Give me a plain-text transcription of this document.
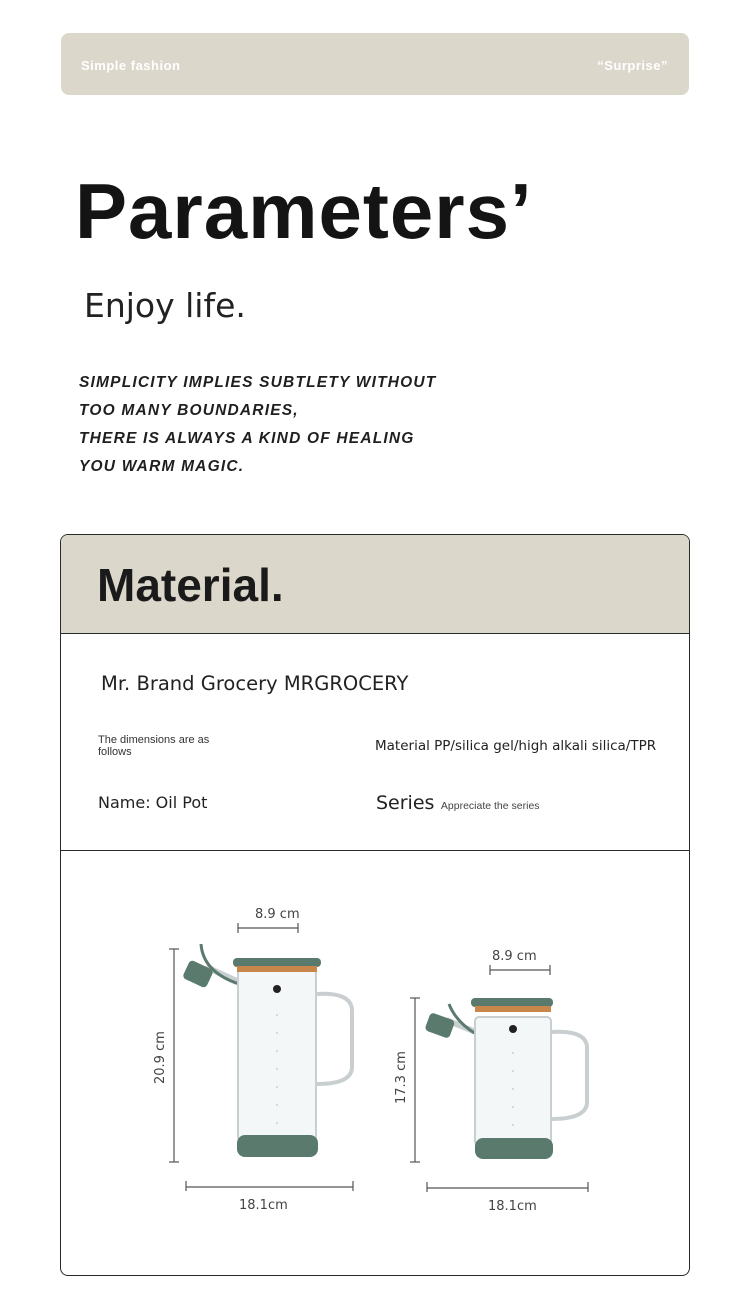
Simple fashion	“Surprise”
Parameters’
Enjoy life.
SIMPLICITY IMPLIES SUBTLETY WITHOUT
TOO MANY BOUNDARIES,
THERE IS ALWAYS A KIND OF HEALING
YOU WARM MAGIC.
Material.
Mr. Brand Grocery MRGROCERY
The dimensions are as follows	Material PP/silica gel/high alkali silica/TPR
Name: Oil Pot	Series Appreciate the series
8.9 cm
20.9 cm
18.1cm
8.9 cm
17.3 cm
18.1cm
